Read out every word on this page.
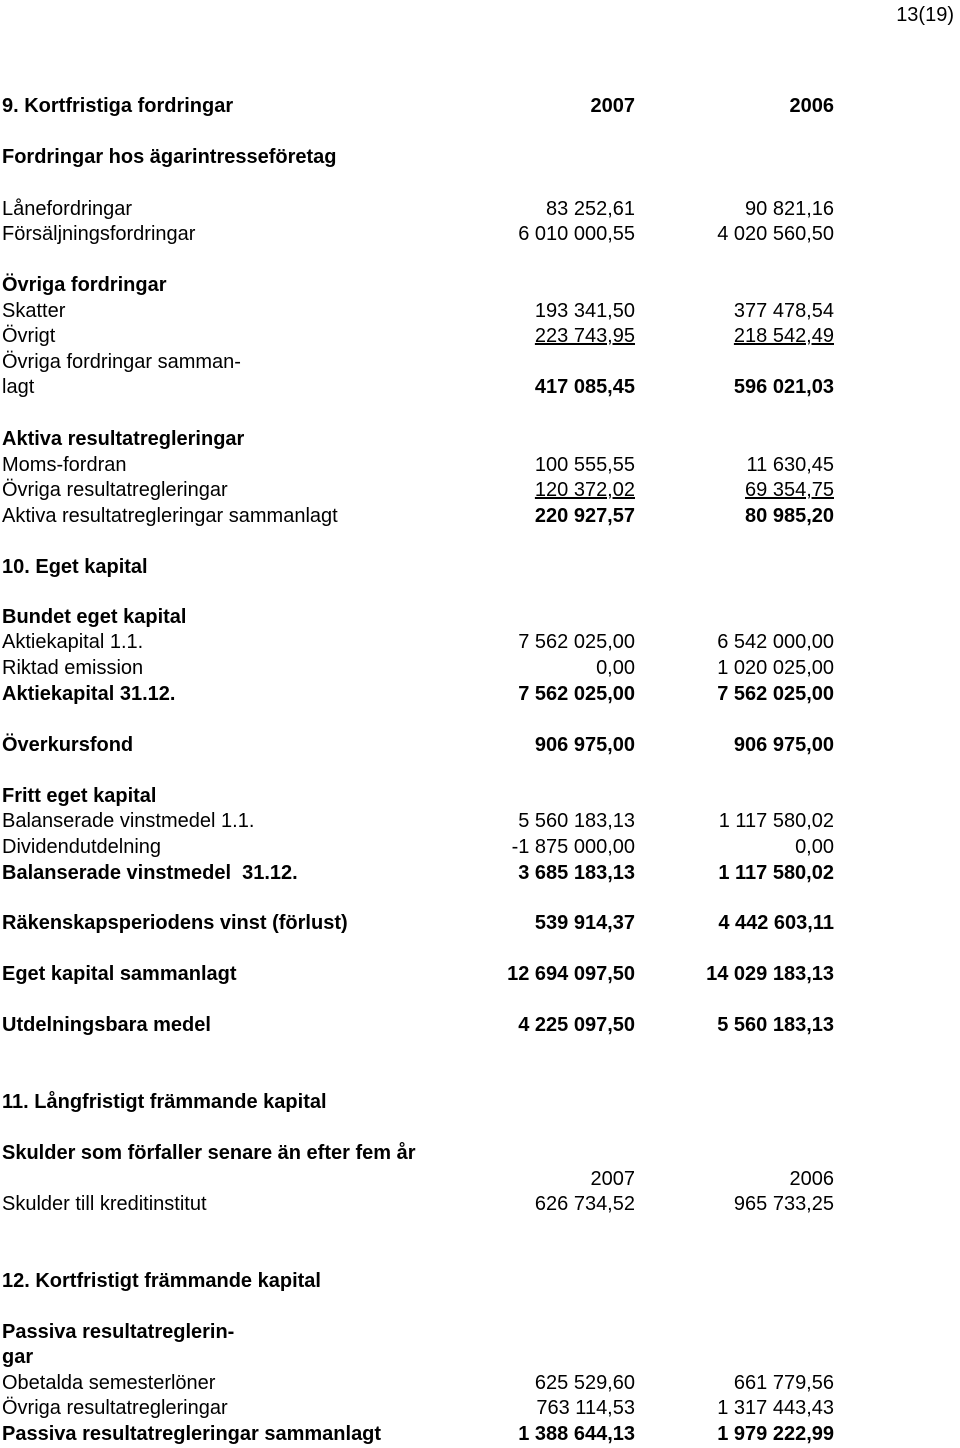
13(19)
9. Kortfristiga fordringar	2007	2006
Fordringar hos ägarintresseföretag
Lånefordringar	83 252,61	90 821,16
Försäljningsfordringar	6 010 000,55	4 020 560,50
Övriga fordringar
Skatter	193 341,50	377 478,54
Övrigt	223 743,95	218 542,49
Övriga fordringar samman-
lagt	417 085,45	596 021,03
Aktiva resultatregleringar
Moms-fordran	100 555,55	11 630,45
Övriga resultatregleringar	120 372,02	69 354,75
Aktiva resultatregleringar sammanlagt	220 927,57	80 985,20
10. Eget kapital
Bundet eget kapital
Aktiekapital 1.1.	7 562 025,00	6 542 000,00
Riktad emission	0,00	1 020 025,00
Aktiekapital 31.12.	7 562 025,00	7 562 025,00
Överkursfond	906 975,00	906 975,00
Fritt eget kapital
Balanserade vinstmedel 1.1.	5 560 183,13	1 117 580,02
Dividendutdelning	-1 875 000,00	0,00
Balanserade vinstmedel  31.12.	3 685 183,13	1 117 580,02
Räkenskapsperiodens vinst (förlust)	539 914,37	4 442 603,11
Eget kapital sammanlagt	12 694 097,50	14 029 183,13
Utdelningsbara medel	4 225 097,50	5 560 183,13
11. Långfristigt främmande kapital
Skulder som förfaller senare än efter fem år
2007	2006
Skulder till kreditinstitut	626 734,52	965 733,25
12. Kortfristigt främmande kapital
Passiva resultatreglerin-
gar
Obetalda semesterlöner	625 529,60	661 779,56
Övriga resultatregleringar	763 114,53	1 317 443,43
Passiva resultatregleringar sammanlagt	1 388 644,13	1 979 222,99
